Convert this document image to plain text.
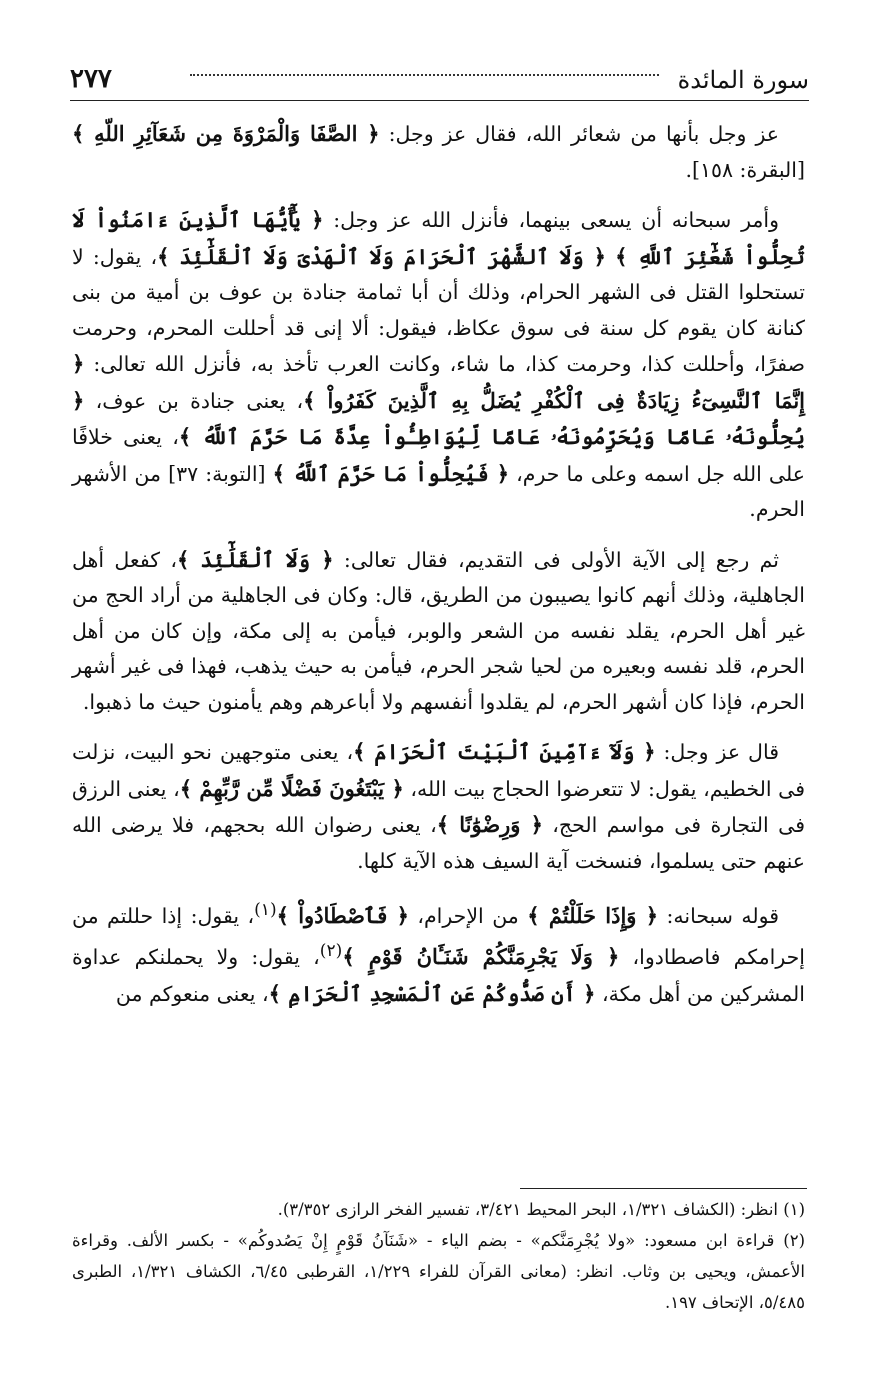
سورة المائدة
٢٧٧

عز وجل بأنها من شعائر الله، فقال عز وجل: ﴿ الصَّفَا وَالْمَرْوَةَ مِن شَعَآئِرِ اللّهِ ﴾ [البقرة: ١٥٨].

وأمر سبحانه أن يسعى بينهما، فأنزل الله عز وجل: ﴿ يَٰٓأَيُّهَا ٱلَّذِينَ ءَامَنُواْ لَا تُحِلُّواْ شَعَٰٓئِرَ ٱللَّهِ ﴾ ﴿ وَلَا ٱلشَّهْرَ ٱلْحَرَامَ وَلَا ٱلْهَدْىَ وَلَا ٱلْقَلَٰٓئِدَ ﴾، يقول: لا تستحلوا القتل فى الشهر الحرام، وذلك أن أبا ثمامة جنادة بن عوف بن أمية من بنى كنانة كان يقوم كل سنة فى سوق عكاظ، فيقول: ألا إنى قد أحللت المحرم، وحرمت صفرًا، وأحللت كذا، وحرمت كذا، ما شاء، وكانت العرب تأخذ به، فأنزل الله تعالى: ﴿ إِنَّمَا ٱلنَّسِىٓءُ زِيَادَةٌ فِى ٱلْكُفْرِ يُضَلُّ بِهِ ٱلَّذِينَ كَفَرُواْ ﴾، يعنى جنادة بن عوف، ﴿ يُحِلُّونَهُۥ عَامًا وَيُحَرِّمُونَهُۥ عَامًا لِّيُوَاطِـُٔواْ عِدَّةَ مَا حَرَّمَ ٱللَّهُ ﴾، يعنى خلافًا على الله جل اسمه وعلى ما حرم، ﴿ فَيُحِلُّواْ مَا حَرَّمَ ٱللَّهُ ﴾ [التوبة: ٣٧] من الأشهر الحرم.

ثم رجع إلى الآية الأولى فى التقديم، فقال تعالى: ﴿ وَلَا ٱلْقَلَٰٓئِدَ ﴾، كفعل أهل الجاهلية، وذلك أنهم كانوا يصيبون من الطريق، قال: وكان فى الجاهلية من أراد الحج من غير أهل الحرم، يقلد نفسه من الشعر والوبر، فيأمن به إلى مكة، وإن كان من أهل الحرم، قلد نفسه وبعيره من لحيا شجر الحرم، فيأمن به حيث يذهب، فهذا فى غير أشهر الحرم، فإذا كان أشهر الحرم، لم يقلدوا أنفسهم ولا أباعرهم وهم يأمنون حيث ما ذهبوا.

قال عز وجل: ﴿ وَلَآ ءَآمِّينَ ٱلْبَيْتَ ٱلْحَرَامَ ﴾، يعنى متوجهين نحو البيت، نزلت فى الخطيم، يقول: لا تتعرضوا الحجاج بيت الله، ﴿ يَبْتَغُونَ فَضْلًا مِّن رَّبِّهِمْ ﴾، يعنى الرزق فى التجارة فى مواسم الحج، ﴿ وَرِضْوَٰنًا ﴾، يعنى رضوان الله بحجهم، فلا يرضى الله عنهم حتى يسلموا، فنسخت آية السيف هذه الآية كلها.

قوله سبحانه: ﴿ وَإِذَا حَلَلْتُمْ ﴾ من الإحرام، ﴿ فَٱصْطَادُواْ ﴾$^{(١)}$، يقول: إذا حللتم من إحرامكم فاصطادوا، ﴿ وَلَا يَجْرِمَنَّكُمْ شَنَـَٔانُ قَوْمٍ ﴾$^{(٢)}$، يقول: ولا يحملنكم عداوة المشركين من أهل مكة، ﴿ أَن صَدُّوكُمْ عَنِ ٱلْمَسْجِدِ ٱلْحَرَامِ ﴾، يعنى منعوكم من

(١) انظر: (الكشاف ١/٣٢١، البحر المحيط ٣/٤٢١، تفسير الفخر الرازى ٣/٣٥٢).
(٢) قراءة ابن مسعود: «ولا يُجْرِمَنَّكم» - بضم الياء - «شَنَآنُ قَوْمٍ إِنْ يَصُدوكُم» - بكسر الألف. وقراءة الأعمش، ويحيى بن وثاب. انظر: (معانى القرآن للفراء ١/٢٢٩، القرطبى ٦/٤٥، الكشاف ١/٣٢١، الطبرى ٥/٤٨٥، الإتحاف ١٩٧.
